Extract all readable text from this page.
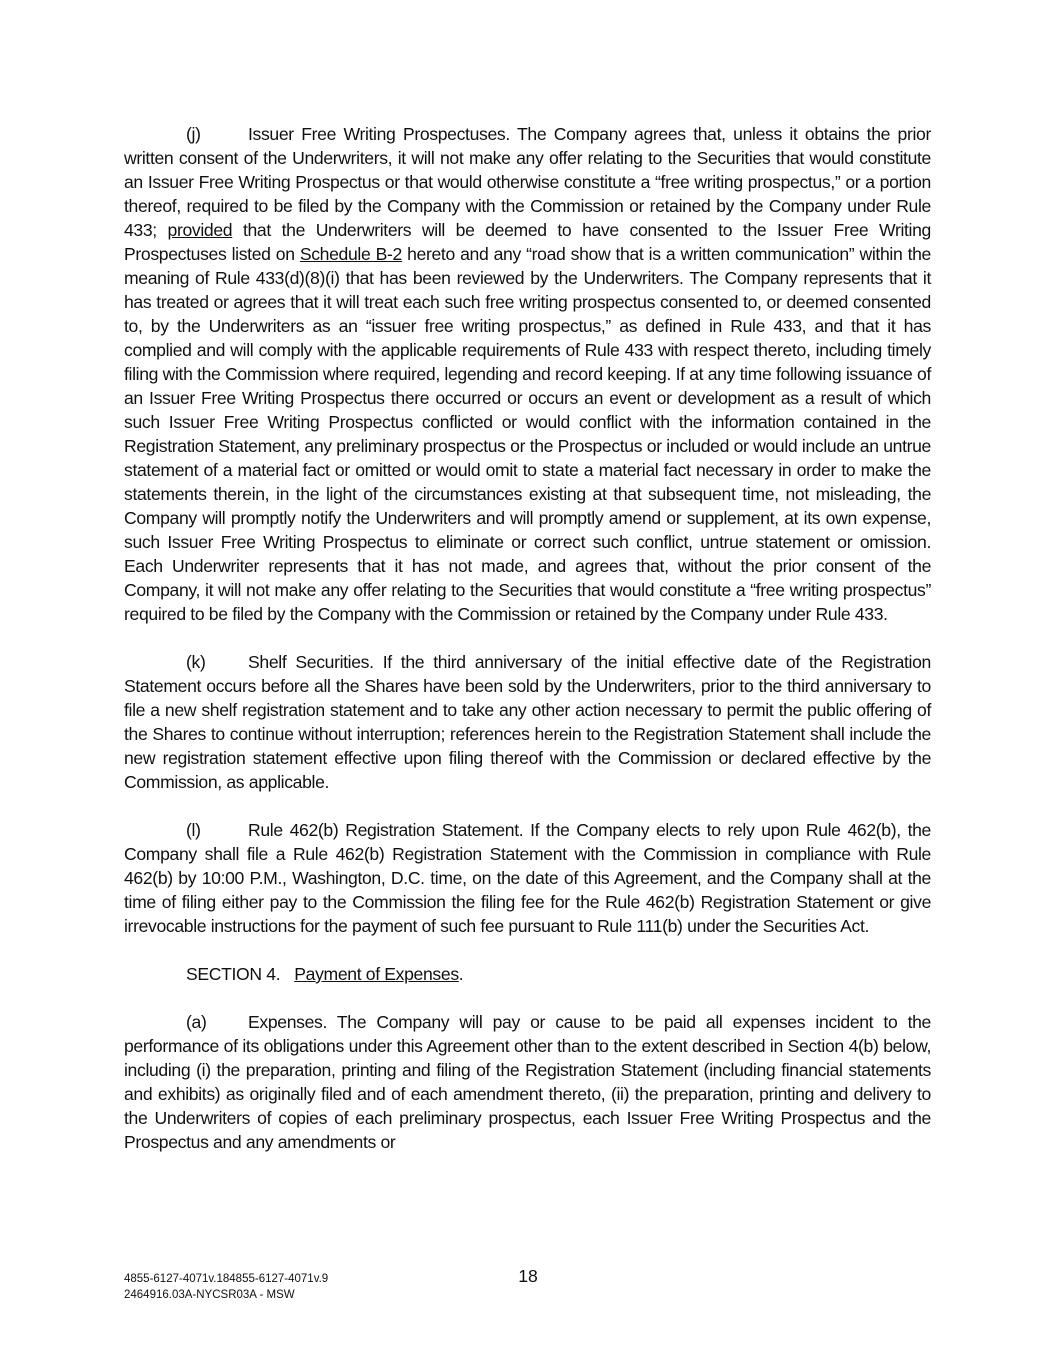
(j)	Issuer Free Writing Prospectuses. The Company agrees that, unless it obtains the prior written consent of the Underwriters, it will not make any offer relating to the Securities that would constitute an Issuer Free Writing Prospectus or that would otherwise constitute a “free writing prospectus,” or a portion thereof, required to be filed by the Company with the Commission or retained by the Company under Rule 433; provided that the Underwriters will be deemed to have consented to the Issuer Free Writing Prospectuses listed on Schedule B-2 hereto and any “road show that is a written communication” within the meaning of Rule 433(d)(8)(i) that has been reviewed by the Underwriters. The Company represents that it has treated or agrees that it will treat each such free writing prospectus consented to, or deemed consented to, by the Underwriters as an “issuer free writing prospectus,” as defined in Rule 433, and that it has complied and will comply with the applicable requirements of Rule 433 with respect thereto, including timely filing with the Commission where required, legending and record keeping. If at any time following issuance of an Issuer Free Writing Prospectus there occurred or occurs an event or development as a result of which such Issuer Free Writing Prospectus conflicted or would conflict with the information contained in the Registration Statement, any preliminary prospectus or the Prospectus or included or would include an untrue statement of a material fact or omitted or would omit to state a material fact necessary in order to make the statements therein, in the light of the circumstances existing at that subsequent time, not misleading, the Company will promptly notify the Underwriters and will promptly amend or supplement, at its own expense, such Issuer Free Writing Prospectus to eliminate or correct such conflict, untrue statement or omission. Each Underwriter represents that it has not made, and agrees that, without the prior consent of the Company, it will not make any offer relating to the Securities that would constitute a “free writing prospectus” required to be filed by the Company with the Commission or retained by the Company under Rule 433.

(k) Shelf Securities. If the third anniversary of the initial effective date of the Registration Statement occurs before all the Shares have been sold by the Underwriters, prior to the third anniversary to file a new shelf registration statement and to take any other action necessary to permit the public offering of the Shares to continue without interruption; references herein to the Registration Statement shall include the new registration statement effective upon filing thereof with the Commission or declared effective by the Commission, as applicable.

(l)	Rule 462(b) Registration Statement. If the Company elects to rely upon Rule 462(b), the Company shall file a Rule 462(b) Registration Statement with the Commission in compliance with Rule 462(b) by 10:00 P.M., Washington, D.C. time, on the date of this Agreement, and the Company shall at the time of filing either pay to the Commission the filing fee for the Rule 462(b) Registration Statement or give irrevocable instructions for the payment of such fee pursuant to Rule 111(b) under the Securities Act.

SECTION 4. Payment of Expenses.

(a) Expenses. The Company will pay or cause to be paid all expenses incident to the performance of its obligations under this Agreement other than to the extent described in Section 4(b) below, including (i) the preparation, printing and filing of the Registration Statement (including financial statements and exhibits) as originally filed and of each amendment thereto, (ii) the preparation, printing and delivery to the Underwriters of copies of each preliminary prospectus, each Issuer Free Writing Prospectus and the Prospectus and any amendments or

4855-6127-4071v.184855-6127-4071v.9
2464916.03A-NYCSR03A - MSW
18
